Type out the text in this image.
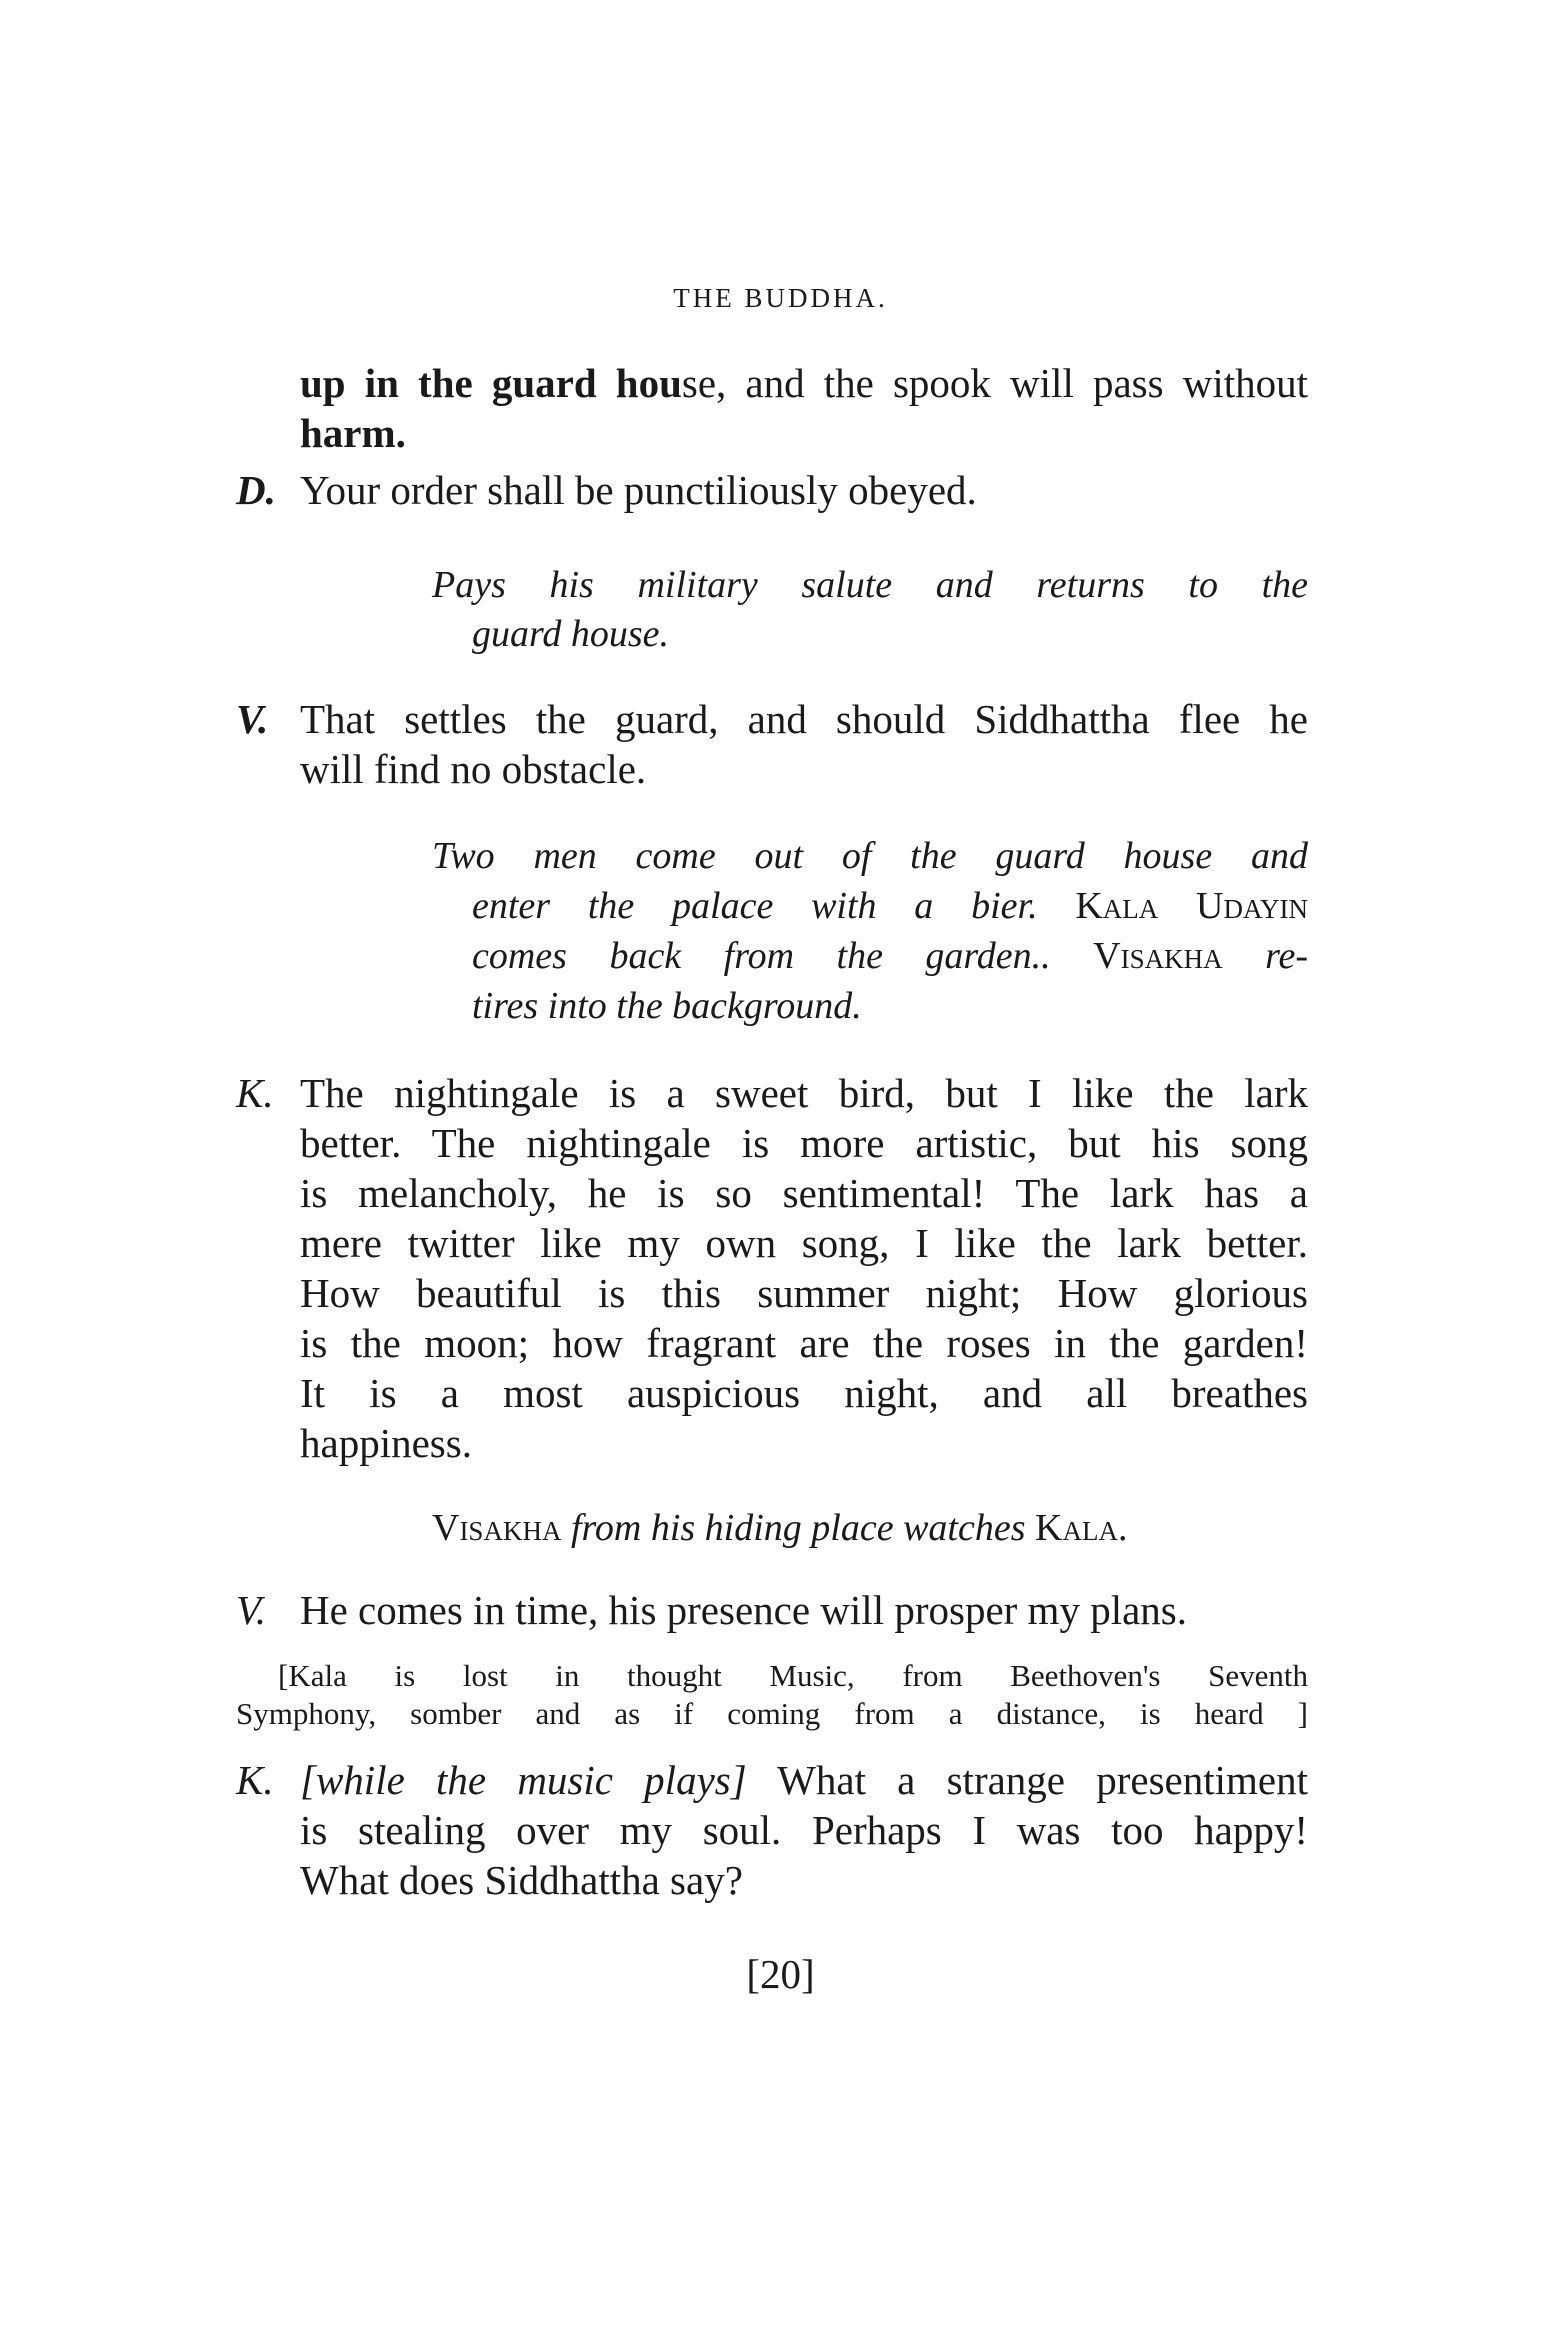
THE BUDDHA.
up in the guard house, and the spook will pass without
harm.
D. Your order shall be punctiliously obeyed.
Pays his military salute and returns to the
guard house.
V. That settles the guard, and should Siddhattha flee he
will find no obstacle.
Two men come out of the guard house and
enter the palace with a bier. Kala Udayin
comes back from the garden.. Visakha re-
tires into the background.
K. The nightingale is a sweet bird, but I like the lark
better. The nightingale is more artistic, but his song
is melancholy, he is so sentimental! The lark has a
mere twitter like my own song, I like the lark better.
How beautiful is this summer night; How glorious
is the moon; how fragrant are the roses in the garden!
It is a most auspicious night, and all breathes
happiness.
Visakha from his hiding place watches Kala.
V. He comes in time, his presence will prosper my plans.
[Kala is lost in thought Music, from Beethoven's Seventh
Symphony, somber and as if coming from a distance, is heard ]
K. [while the music plays] What a strange presentiment
is stealing over my soul. Perhaps I was too happy!
What does Siddhattha say?
[20]
